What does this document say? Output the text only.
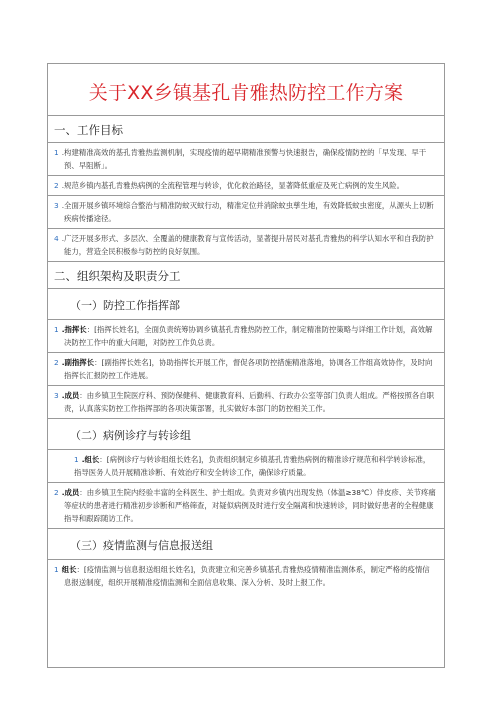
关于XX乡镇基孔肯雅热防控工作方案
一、工作目标
1 .构建精准高效的基孔肯雅热监测机制，实现疫情的超早期精准预警与快速报告，确保疫情防控的「早发现、早干预、早阻断」。
2 .规范乡镇内基孔肯雅热病例的全流程管理与转诊，优化救治路径，显著降低重症及死亡病例的发生风险。
3 .全面开展乡镇环境综合整治与精准防蚊灭蚊行动，精准定位并消除蚊虫孳生地，有效降低蚊虫密度，从源头上切断疾病传播途径。
4 .广泛开展多形式、多层次、全覆盖的健康教育与宣传活动，显著提升居民对基孔肯雅热的科学认知水平和自我防护能力，营造全民积极参与防控的良好氛围。
二、组织架构及职责分工
（一）防控工作指挥部
1 .指挥长：[指挥长姓名]，全面负责统筹协调乡镇基孔肯雅热防控工作，制定精准防控策略与详细工作计划，高效解决防控工作中的重大问题，对防控工作负总责。
2 .副指挥长：[副指挥长姓名]，协助指挥长开展工作，督促各项防控措施精准落地，协调各工作组高效协作，及时向指挥长汇报防控工作进展。
3 .成员：由乡镇卫生院医疗科、预防保健科、健康教育科、后勤科、行政办公室等部门负责人组成。严格按照各自职责，认真落实防控工作指挥部的各项决策部署，扎实做好本部门的防控相关工作。
（二）病例诊疗与转诊组
1 .组长：[病例诊疗与转诊组组长姓名]，负责组织制定乡镇基孔肯雅热病例的精准诊疗规范和科学转诊标准，指导医务人员开展精准诊断、有效治疗和安全转诊工作，确保诊疗质量。
2 .成员：由乡镇卫生院内经验丰富的全科医生、护士组成。负责对乡镇内出现发热（体温≥38℃）伴皮疹、关节疼痛等症状的患者进行精准初步诊断和严格筛查，对疑似病例及时进行安全隔离和快速转诊，同时做好患者的全程健康指导和跟踪随访工作。
（三）疫情监测与信息报送组
1 组长：[疫情监测与信息报送组组长姓名]，负责建立和完善乡镇基孔肯雅热疫情精准监测体系，制定严格的疫情信息报送制度，组织开展精准疫情监测和全面信息收集、深入分析、及时上报工作。
